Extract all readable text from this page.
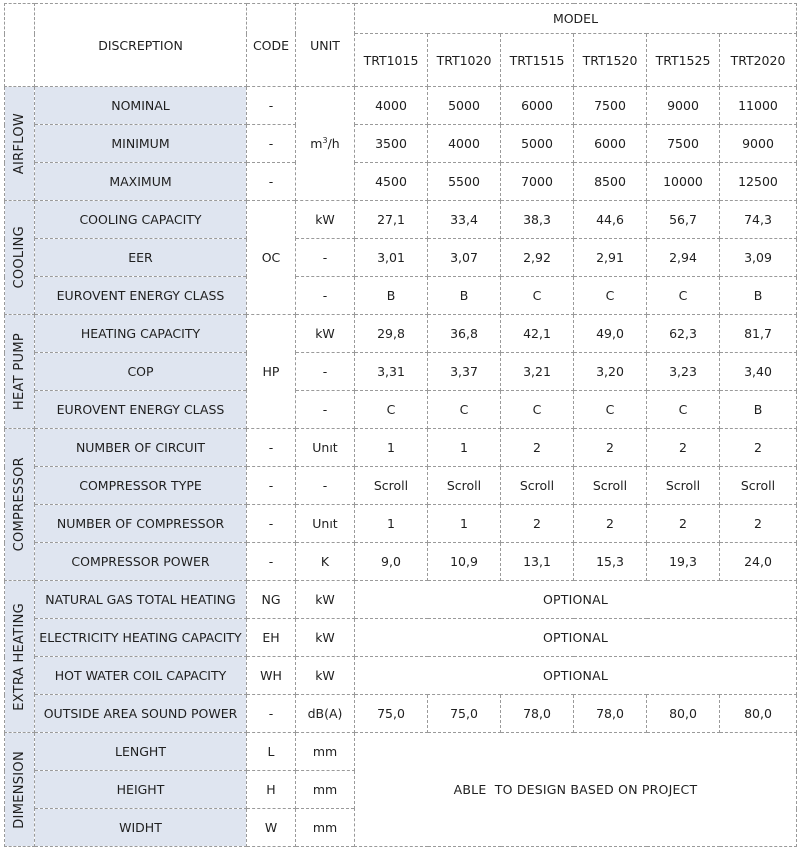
	DISCREPTION	CODE	UNIT	MODEL					
				TRT1015	TRT1020	TRT1515	TRT1520	TRT1525	TRT2020

AIRFLOW	NOMINAL	-	$m^3/h$	4000	5000	6000	7500	9000	11000
	MINIMUM	-		3500	4000	5000	6000	7500	9000
	MAXIMUM	-		4500	5500	7000	8500	10000	12500

COOLING	COOLING CAPACITY	OC	kW	27,1	33,4	38,3	44,6	56,7	74,3
	EER		-	3,01	3,07	2,92	2,91	2,94	3,09
	EUROVENT ENERGY CLASS		-	B	B	C	C	C	B

HEAT PUMP	HEATING CAPACITY	HP	kW	29,8	36,8	42,1	49,0	62,3	81,7
	COP		-	3,31	3,37	3,21	3,20	3,23	3,40
	EUROVENT ENERGY CLASS		-	C	C	C	C	C	B

COMPRESSOR	NUMBER OF CIRCUIT	-	Unıt	1	1	2	2	2	2
	COMPRESSOR TYPE	-	-	Scroll	Scroll	Scroll	Scroll	Scroll	Scroll
	NUMBER OF COMPRESSOR	-	Unıt	1	1	2	2	2	2
	COMPRESSOR POWER	-	K	9,0	10,9	13,1	15,3	19,3	24,0

EXTRA HEATING	NATURAL GAS TOTAL HEATING	NG	kW	OPTIONAL					
	ELECTRICITY HEATING CAPACITY	EH	kW	OPTIONAL					
	HOT WATER COIL CAPACITY	WH	kW	OPTIONAL					
	OUTSIDE AREA SOUND POWER	-	dB(A)	75,0	75,0	78,0	78,0	80,0	80,0

DIMENSION	LENGHT	L	mm	ABLE  TO DESIGN BASED ON PROJECT					
	HEIGHT	H	mm						
	WIDHT	W	mm						
